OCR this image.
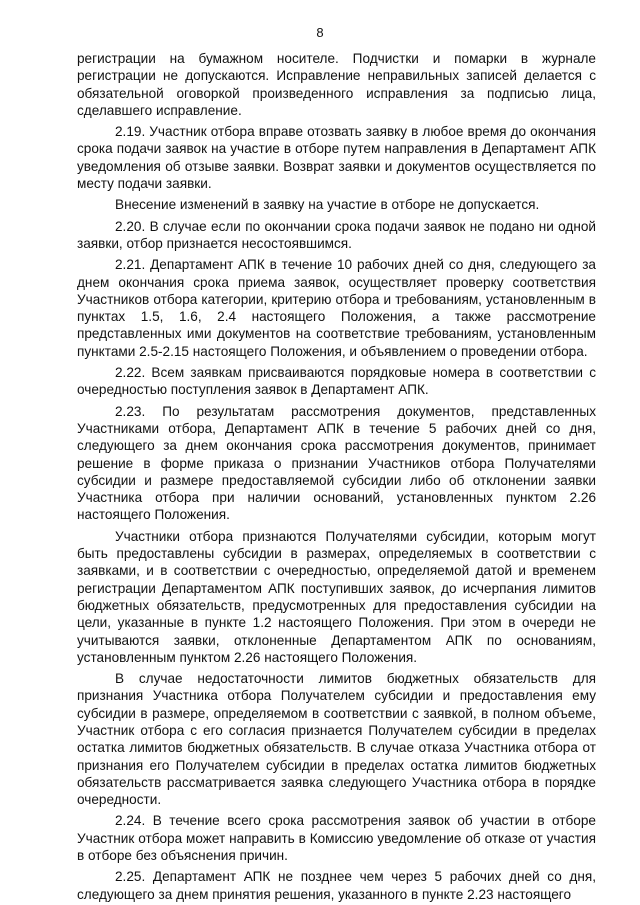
8

регистрации на бумажном носителе. Подчистки и помарки в журнале регистрации не допускаются. Исправление неправильных записей делается с обязательной оговоркой произведенного исправления за подписью лица, сделавшего исправление.

2.19. Участник отбора вправе отозвать заявку в любое время до окончания срока подачи заявок на участие в отборе путем направления в Департамент АПК уведомления об отзыве заявки. Возврат заявки и документов осуществляется по месту подачи заявки.

Внесение изменений в заявку на участие в отборе не допускается.

2.20. В случае если по окончании срока подачи заявок не подано ни одной заявки, отбор признается несостоявшимся.

2.21. Департамент АПК в течение 10 рабочих дней со дня, следующего за днем окончания срока приема заявок, осуществляет проверку соответствия Участников отбора категории, критерию отбора и требованиям, установленным в пунктах 1.5, 1.6, 2.4 настоящего Положения, а также рассмотрение представленных ими документов на соответствие требованиям, установленным пунктами 2.5-2.15 настоящего Положения, и объявлением о проведении отбора.

2.22. Всем заявкам присваиваются порядковые номера в соответствии с очередностью поступления заявок в Департамент АПК.

2.23. По результатам рассмотрения документов, представленных Участниками отбора, Департамент АПК в течение 5 рабочих дней со дня, следующего за днем окончания срока рассмотрения документов, принимает решение в форме приказа о признании Участников отбора Получателями субсидии и размере предоставляемой субсидии либо об отклонении заявки Участника отбора при наличии оснований, установленных пунктом 2.26 настоящего Положения.

Участники отбора признаются Получателями субсидии, которым могут быть предоставлены субсидии в размерах, определяемых в соответствии с заявками, и в соответствии с очередностью, определяемой датой и временем регистрации Департаментом АПК поступивших заявок, до исчерпания лимитов бюджетных обязательств, предусмотренных для предоставления субсидии на цели, указанные в пункте 1.2 настоящего Положения. При этом в очереди не учитываются заявки, отклоненные Департаментом АПК по основаниям, установленным пунктом 2.26 настоящего Положения.

В случае недостаточности лимитов бюджетных обязательств для признания Участника отбора Получателем субсидии и предоставления ему субсидии в размере, определяемом в соответствии с заявкой, в полном объеме, Участник отбора с его согласия признается Получателем субсидии в пределах остатка лимитов бюджетных обязательств. В случае отказа Участника отбора от признания его Получателем субсидии в пределах остатка лимитов бюджетных обязательств рассматривается заявка следующего Участника отбора в порядке очередности.

2.24. В течение всего срока рассмотрения заявок об участии в отборе Участник отбора может направить в Комиссию уведомление об отказе от участия в отборе без объяснения причин.

2.25. Департамент АПК не позднее чем через 5 рабочих дней со дня, следующего за днем принятия решения, указанного в пункте 2.23 настоящего
